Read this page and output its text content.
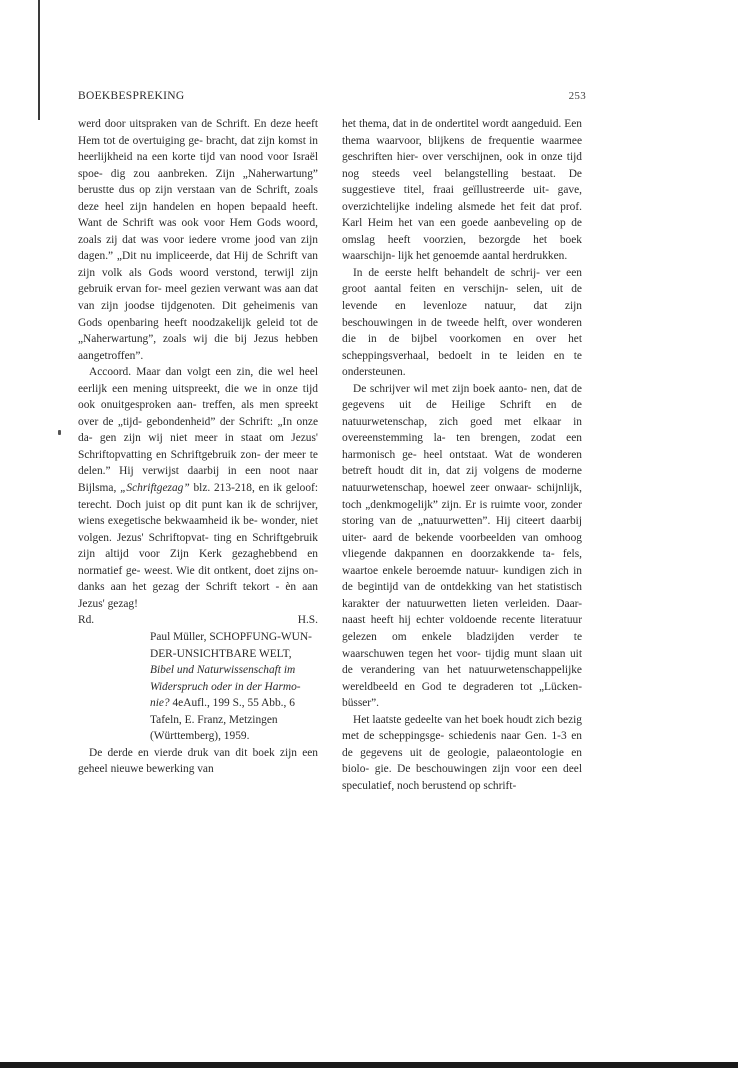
BOEKBESPREKING	253

werd door uitspraken van de Schrift. En deze heeft Hem tot de overtuiging ge- bracht, dat zijn komst in heerlijkheid na een korte tijd van nood voor Israël spoe- dig zou aanbreken. Zijn „Naherwartung” berustte dus op zijn verstaan van de Schrift, zoals deze heel zijn handelen en hopen bepaald heeft. Want de Schrift was ook voor Hem Gods woord, zoals zij dat was voor iedere vrome jood van zijn dagen.” „Dit nu impliceerde, dat Hij de Schrift van zijn volk als Gods woord verstond, terwijl zijn gebruik ervan for- meel gezien verwant was aan dat van zijn joodse tijdgenoten. Dit geheimenis van Gods openbaring heeft noodzakelijk geleid tot de „Naherwartung”, zoals wij die bij Jezus hebben aangetroffen”.

Accoord. Maar dan volgt een zin, die wel heel eerlijk een mening uitspreekt, die we in onze tijd ook onuitgesproken aan- treffen, als men spreekt over de „tijd- gebondenheid” der Schrift: „In onze da- gen zijn wij niet meer in staat om Jezus' Schriftopvatting en Schriftgebruik zon- der meer te delen.” Hij verwijst daarbij in een noot naar Bijlsma, „Schriftgezag” blz. 213-218, en ik geloof: terecht. Doch juist op dit punt kan ik de schrijver, wiens exegetische bekwaamheid ik be- wonder, niet volgen. Jezus' Schriftopvat- ting en Schriftgebruik zijn altijd voor Zijn Kerk gezaghebbend en normatief ge- weest. Wie dit ontkent, doet zijns on- danks aan het gezag der Schrift tekort - èn aan Jezus' gezag!

Rd.	H.S.

Paul Müller, SCHOPFUNG-WUN- DER-UNSICHTBARE WELT, Bibel und Naturwissenschaft im Widerspruch oder in der Harmo- nie? 4eAufl., 199 S., 55 Abb., 6 Tafeln, E. Franz, Metzingen (Württemberg), 1959.

De derde en vierde druk van dit boek zijn een geheel nieuwe bewerking van

het thema, dat in de ondertitel wordt aangeduid. Een thema waarvoor, blijkens de frequentie waarmee geschriften hier- over verschijnen, ook in onze tijd nog steeds veel belangstelling bestaat. De suggestieve titel, fraai geïllustreerde uit- gave, overzichtelijke indeling alsmede het feit dat prof. Karl Heim het van een goede aanbeveling op de omslag heeft voorzien, bezorgde het boek waarschijn- lijk het genoemde aantal herdrukken.

In de eerste helft behandelt de schrij- ver een groot aantal feiten en verschijn- selen, uit de levende en levenloze natuur, dat zijn beschouwingen in de tweede helft, over wonderen die in de bijbel voorkomen en over het scheppingsverhaal, bedoelt in te leiden en te ondersteunen.

De schrijver wil met zijn boek aanto- nen, dat de gegevens uit de Heilige Schrift en de natuurwetenschap, zich goed met elkaar in overeenstemming la- ten brengen, zodat een harmonisch ge- heel ontstaat. Wat de wonderen betreft houdt dit in, dat zij volgens de moderne natuurwetenschap, hoewel zeer onwaar- schijnlijk, toch „denkmogelijk” zijn. Er is ruimte voor, zonder storing van de „natuurwetten”. Hij citeert daarbij uiter- aard de bekende voorbeelden van omhoog vliegende dakpannen en doorzakkende ta- fels, waartoe enkele beroemde natuur- kundigen zich in de begintijd van de ontdekking van het statistisch karakter der natuurwetten lieten verleiden. Daar- naast heeft hij echter voldoende recente literatuur gelezen om enkele bladzijden verder te waarschuwen tegen het voor- tijdig munt slaan uit de verandering van het natuurwetenschappelijke wereldbeeld en God te degraderen tot „Lücken- büsser”.

Het laatste gedeelte van het boek houdt zich bezig met de scheppingsge- schiedenis naar Gen. 1-3 en de gegevens uit de geologie, palaeontologie en biolo- gie. De beschouwingen zijn voor een deel speculatief, noch berustend op schrift-
